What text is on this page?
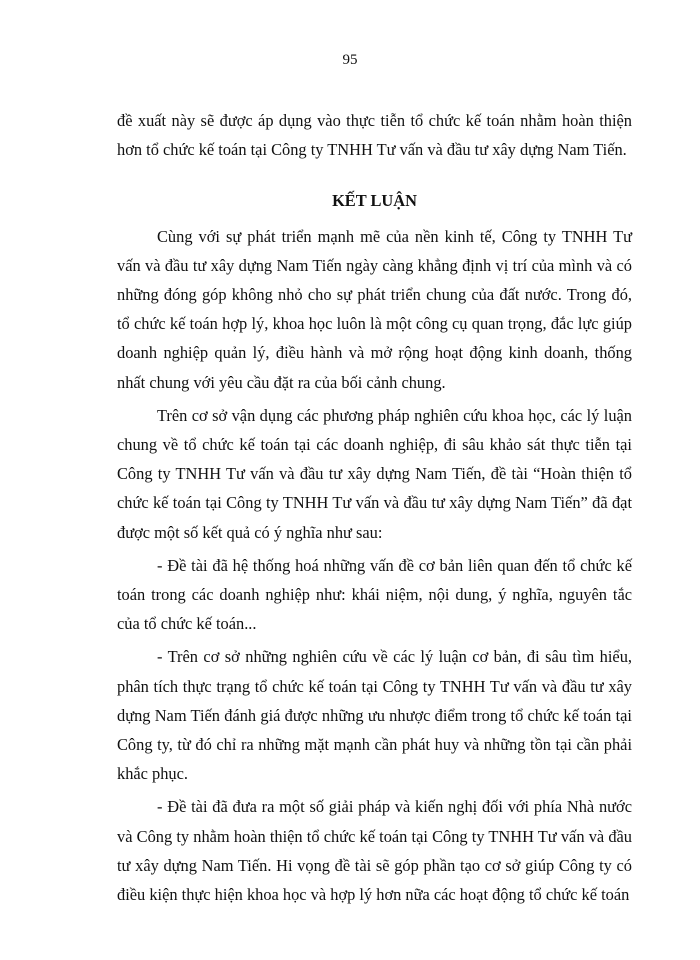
95

đề xuất này sẽ được áp dụng vào thực tiễn tổ chức kế toán nhằm hoàn thiện hơn tổ chức kế toán tại Công ty TNHH Tư vấn và đầu tư xây dựng Nam Tiến.

KẾT LUẬN

Cùng với sự phát triển mạnh mẽ của nền kinh tế, Công ty TNHH Tư vấn và đầu tư xây dựng Nam Tiến ngày càng khẳng định vị trí của mình và có những đóng góp không nhỏ cho sự phát triển chung của đất nước. Trong đó, tổ chức kế toán hợp lý, khoa học luôn là một công cụ quan trọng, đắc lực giúp doanh nghiệp quản lý, điều hành và mở rộng hoạt động kinh doanh, thống nhất chung với yêu cầu đặt ra của bối cảnh chung.

Trên cơ sở vận dụng các phương pháp nghiên cứu khoa học, các lý luận chung về tổ chức kế toán tại các doanh nghiệp, đi sâu khảo sát thực tiễn tại Công ty TNHH Tư vấn và đầu tư xây dựng Nam Tiến, đề tài “Hoàn thiện tổ chức kế toán tại Công ty TNHH Tư vấn và đầu tư xây dựng Nam Tiến” đã đạt được một số kết quả có ý nghĩa như sau:

- Đề tài đã hệ thống hoá những vấn đề cơ bản liên quan đến tổ chức kế toán trong các doanh nghiệp như: khái niệm, nội dung, ý nghĩa, nguyên tắc của tổ chức kế toán...

- Trên cơ sở những nghiên cứu về các lý luận cơ bản, đi sâu tìm hiểu, phân tích thực trạng tổ chức kế toán tại Công ty TNHH Tư vấn và đầu tư xây dựng Nam Tiến đánh giá được những ưu nhược điểm trong tổ chức kế toán tại Công ty, từ đó chỉ ra những mặt mạnh cần phát huy và những tồn tại cần phải khắc phục.

- Đề tài đã đưa ra một số giải pháp và kiến nghị đối với phía Nhà nước và Công ty nhằm hoàn thiện tổ chức kế toán tại Công ty TNHH Tư vấn và đầu tư xây dựng Nam Tiến. Hi vọng đề tài sẽ góp phần tạo cơ sở giúp Công ty có điều kiện thực hiện khoa học và hợp lý hơn nữa các hoạt động tổ chức kế toán
